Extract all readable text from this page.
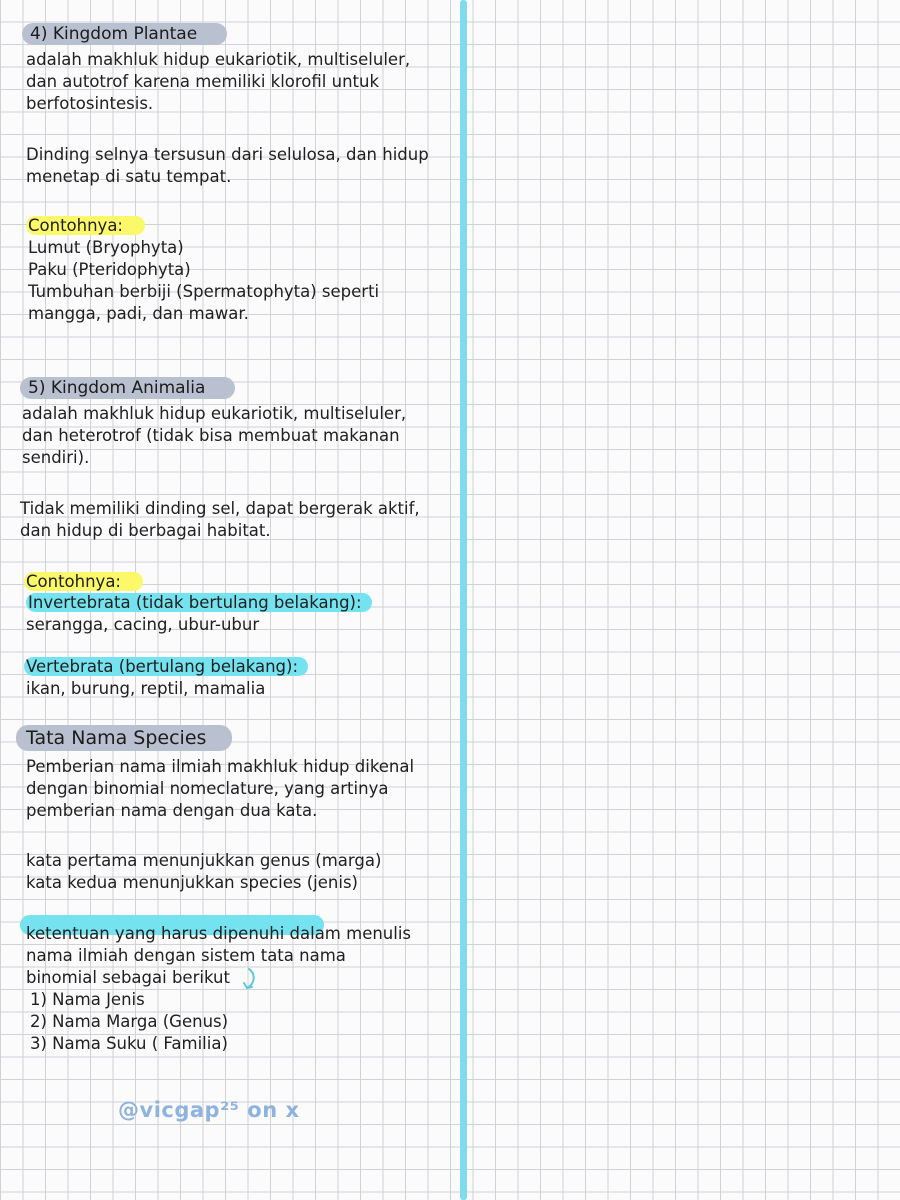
4) Kingdom Plantae
adalah makhluk hidup eukariotik, multiseluler,
dan autotrof karena memiliki klorofil untuk
berfotosintesis.
Dinding selnya tersusun dari selulosa, dan hidup
menetap di satu tempat.
Contohnya:
Lumut (Bryophyta)
Paku (Pteridophyta)
Tumbuhan berbiji (Spermatophyta) seperti
mangga, padi, dan mawar.
5) Kingdom Animalia
adalah makhluk hidup eukariotik, multiseluler,
dan heterotrof (tidak bisa membuat makanan
sendiri).
Tidak memiliki dinding sel, dapat bergerak aktif,
dan hidup di berbagai habitat.
Contohnya:
Invertebrata (tidak bertulang belakang):
serangga, cacing, ubur-ubur
Vertebrata (bertulang belakang):
ikan, burung, reptil, mamalia
Tata Nama Species
Pemberian nama ilmiah makhluk hidup dikenal
dengan binomial nomeclature, yang artinya
pemberian nama dengan dua kata.
kata pertama menunjukkan genus (marga)
kata kedua menunjukkan species (jenis)
ketentuan yang harus dipenuhi dalam menulis
nama ilmiah dengan sistem tata nama
binomial sebagai berikut
1) Nama Jenis
2) Nama Marga (Genus)
3) Nama Suku ( Familia)
@vicgap²⁵ on x
